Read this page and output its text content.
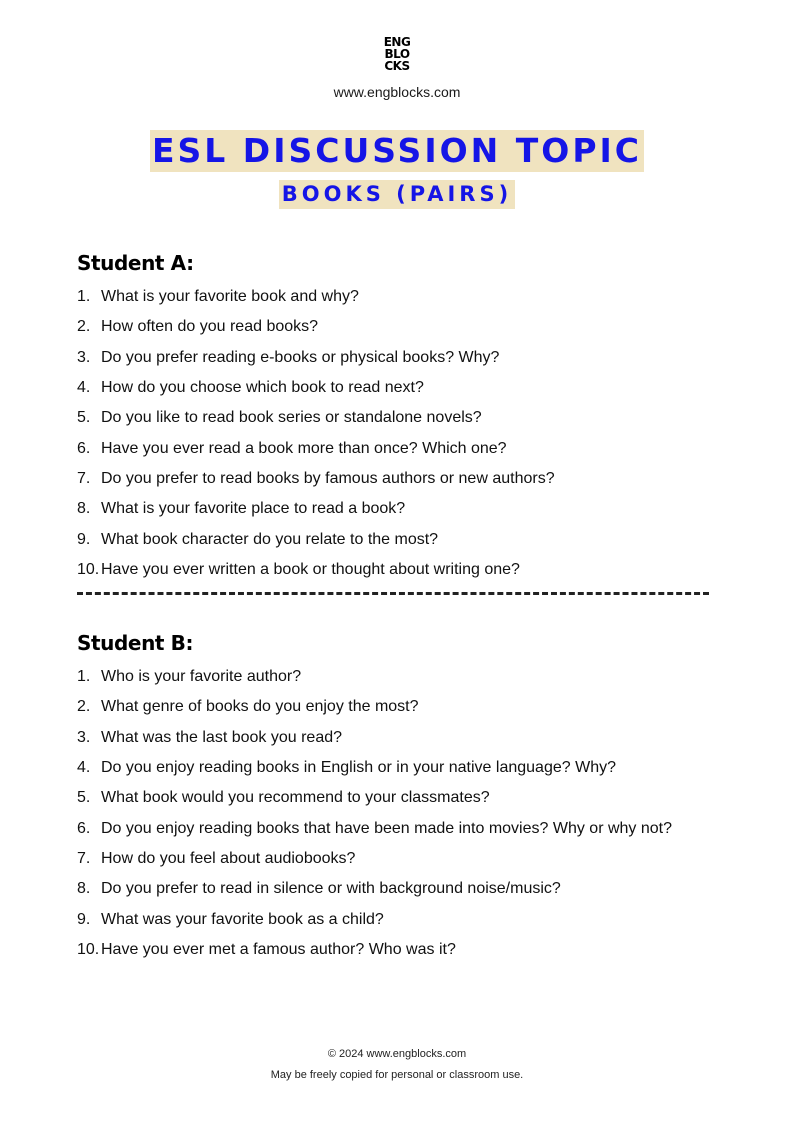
ENG
BLO
CKS
www.engblocks.com
ESL DISCUSSION TOPIC
BOOKS (PAIRS)
Student A:
1. What is your favorite book and why?
2. How often do you read books?
3. Do you prefer reading e-books or physical books? Why?
4. How do you choose which book to read next?
5. Do you like to read book series or standalone novels?
6. Have you ever read a book more than once? Which one?
7. Do you prefer to read books by famous authors or new authors?
8. What is your favorite place to read a book?
9. What book character do you relate to the most?
10. Have you ever written a book or thought about writing one?
Student B:
1. Who is your favorite author?
2. What genre of books do you enjoy the most?
3. What was the last book you read?
4. Do you enjoy reading books in English or in your native language? Why?
5. What book would you recommend to your classmates?
6. Do you enjoy reading books that have been made into movies? Why or why not?
7. How do you feel about audiobooks?
8. Do you prefer to read in silence or with background noise/music?
9. What was your favorite book as a child?
10. Have you ever met a famous author? Who was it?
© 2024 www.engblocks.com
May be freely copied for personal or classroom use.
